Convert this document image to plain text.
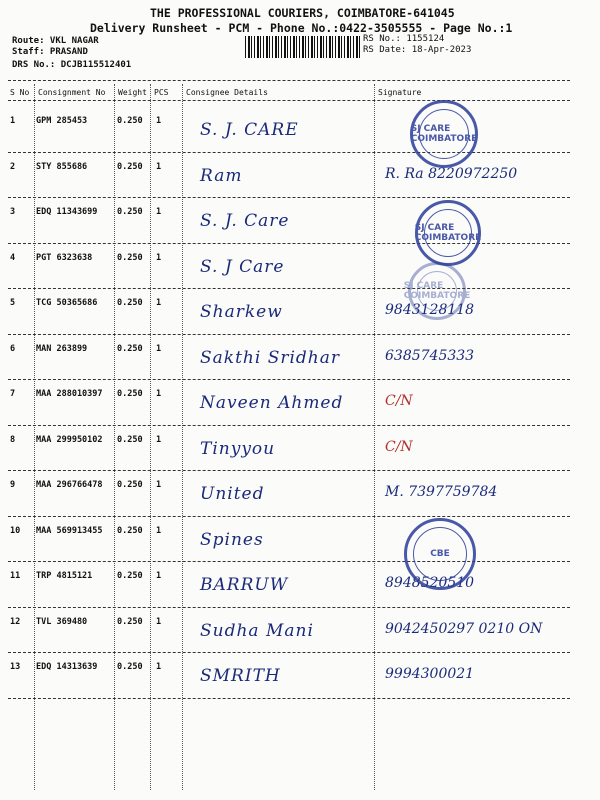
THE PROFESSIONAL COURIERS, COIMBATORE-641045
Delivery Runsheet - PCM - Phone No.:0422-3505555 - Page No.:1
Route: VKL NAGAR
Staff: PRASAND
DRS No.: DCJB115512401
RS No.: 1155124
RS Date: 18-Apr-2023
S No Consignment No Weight PCS Consignee Details	Signature
1 GPM 285453	0.250 1 S. J. CARE
2 STY 855686	0.250 1 Ram	R. Ra 8220972250
3 EDQ 11343699 0.250 1 S. J. Care
4 PGT 6323638	0.250 1 S. J Care
5 TCG 50365686 0.250 1 Sharkew	9843128118
6 MAN 263899	0.250 1 Sakthi Sridhar	6385745333
7 MAA 288010397 0.250 1 Naveen Ahmed	C/N
8 MAA 299950102 0.250 1 Tinyyou	C/N
9 MAA 296766478 0.250 1 United	M. 7397759784
10 MAA 569913455 0.250 1 Spines
11 TRP 4815121	0.250 1 BARRUW	8948520510
12 TVL 369480	0.250 1 Sudha Mani	9042450297 0210 ON
13 EDQ 14313639 0.250 1 SMRITH	9994300021
SJ CARE COIMBATORE
SJ CARE COIMBATORE
SJ CARE COIMBATORE
CBE
